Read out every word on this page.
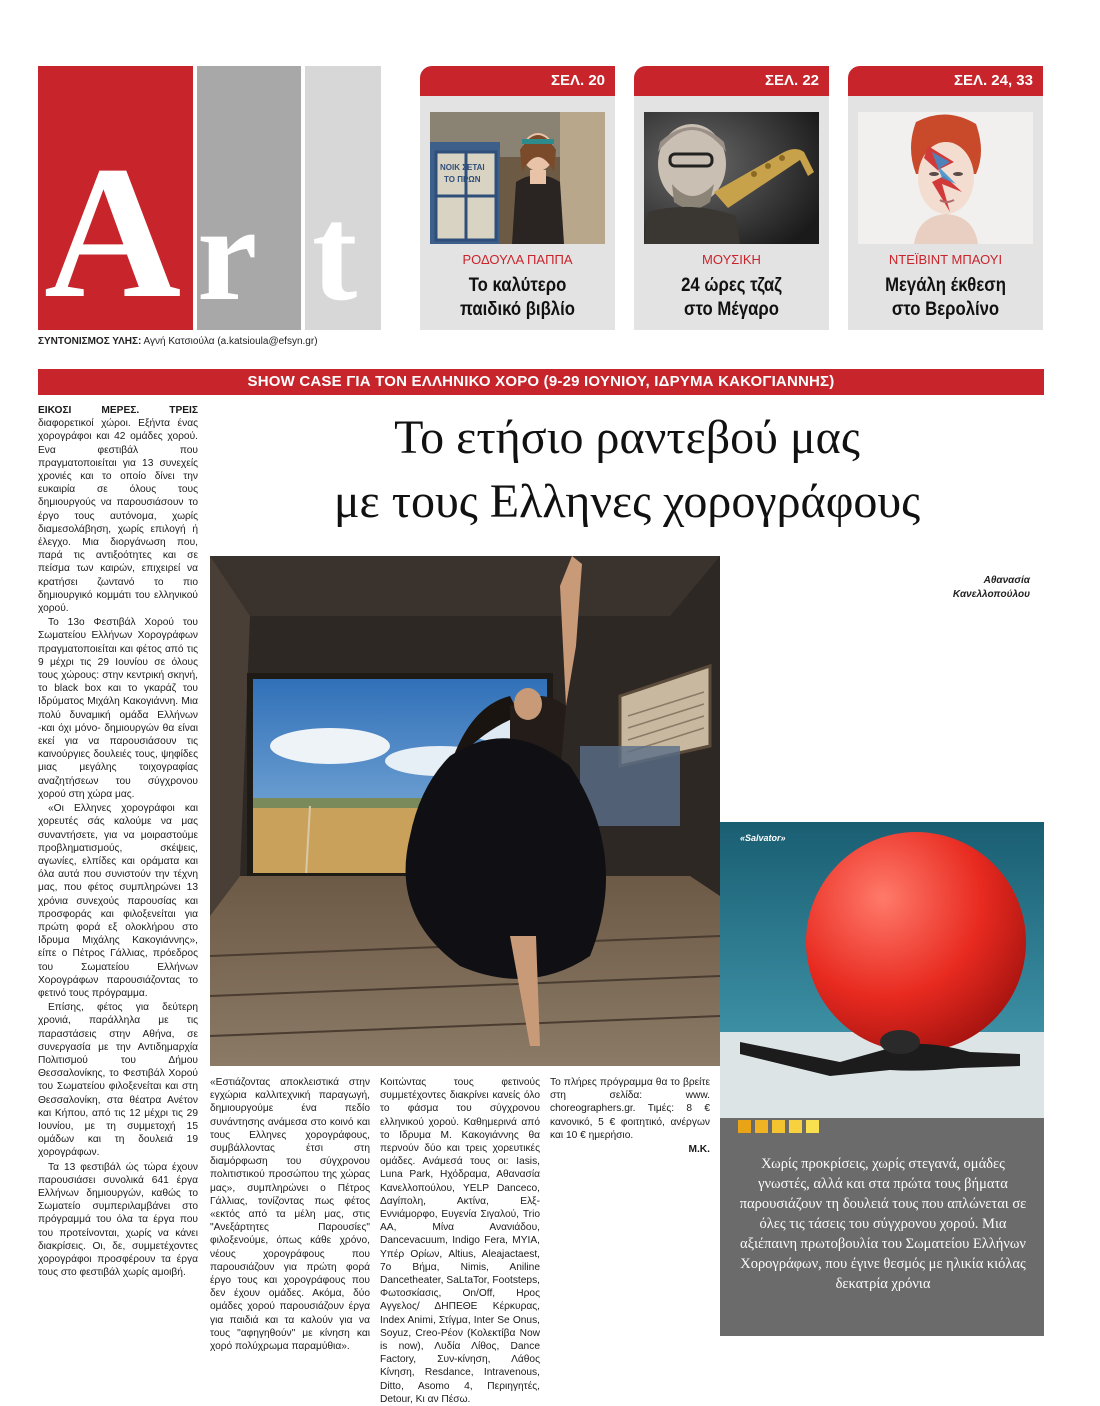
A r t
ΣΥΝΤΟΝΙΣΜΟΣ ΥΛΗΣ: Αγνή Κατσιούλα (a.katsioula@efsyn.gr)
ΣΕΛ. 20
ΝΟΙΚ ΣΕΤΑΙ
ΤΟ ΠΡΩΝ
ΡΟΔΟΥΛΑ ΠΑΠΠΑ
Το καλύτερο
παιδικό βιβλίο
ΣΕΛ. 22
ΜΟΥΣΙΚΗ
24 ώρες τζαζ
στο Μέγαρο
ΣΕΛ. 24, 33
ΝΤΕΪΒΙΝΤ ΜΠΑΟΥΙ
Μεγάλη έκθεση
στο Βερολίνο
SHOW CASE ΓΙΑ ΤΟΝ ΕΛΛΗΝΙΚΟ ΧΟΡΟ (9-29 ΙΟΥΝΙΟΥ, ΙΔΡΥΜΑ ΚΑΚΟΓΙΑΝΝΗΣ)
Το ετήσιο ραντεβού μας
με τους Ελληνες χορογράφους
Αθανασία
Κανελλοπούλου
«Salvator»
Χωρίς προκρίσεις, χωρίς στεγανά, ομάδες γνωστές, αλλά και στα πρώτα τους βήματα παρουσιάζουν τη δουλειά τους που απλώνεται σε όλες τις τάσεις του σύγχρονου χορού. Μια αξιέπαινη πρωτοβουλία του Σωματείου Ελλήνων Χορογράφων, που έγινε θεσμός με ηλικία κιόλας δεκατρία χρόνια

ΕΙΚΟΣΙ ΜΕΡΕΣ. ΤΡΕΙΣ διαφορετικοί χώροι. Εξήντα ένας χορογράφοι και 42 ομάδες χορού. Ενα φεστιβάλ που πραγματοποιείται για 13 συνεχείς χρονιές και το οποίο δίνει την ευκαιρία σε όλους τους δημιουργούς να παρουσιάσουν το έργο τους αυτόνομα, χωρίς διαμεσολάβηση, χωρίς επιλογή ή έλεγχο. Μια διοργάνωση που, παρά τις αντιξοότητες και σε πείσμα των καιρών, επιχειρεί να κρατήσει ζωντανό το πιο δημιουργικό κομμάτι του ελληνικού χορού.

Το 13ο Φεστιβάλ Χορού του Σωματείου Ελλήνων Χορογράφων πραγματοποιείται και φέτος από τις 9 μέχρι τις 29 Ιουνίου σε όλους τους χώρους: στην κεντρική σκηνή, το black box και το γκαράζ του Ιδρύματος Μιχάλη Κακογιάννη. Μια πολύ δυναμική ομάδα Ελλήνων -και όχι μόνο- δημιουργών θα είναι εκεί για να παρουσιάσουν τις καινούργιες δουλειές τους, ψηφίδες μιας μεγάλης τοιχογραφίας αναζητήσεων του σύγχρονου χορού στη χώρα μας.

«Οι Ελληνες χορογράφοι και χορευτές σάς καλούμε να μας συναντήσετε, για να μοιραστούμε προβληματισμούς, σκέψεις, αγωνίες, ελπίδες και οράματα και όλα αυτά που συνιστούν την τέχνη μας, που φέτος συμπληρώνει 13 χρόνια συνεχούς παρουσίας και προσφοράς και φιλοξενείται για πρώτη φορά εξ ολοκλήρου στο Ιδρυμα Μιχάλης Κακογιάννης», είπε ο Πέτρος Γάλλιας, πρόεδρος του Σωματείου Ελλήνων Χορογράφων παρουσιάζοντας το φετινό τους πρόγραμμα.

Επίσης, φέτος για δεύτερη χρονιά, παράλληλα με τις παραστάσεις στην Αθήνα, σε συνεργασία με την Αντιδημαρχία Πολιτισμού του Δήμου Θεσσαλονίκης, το Φεστιβάλ Χορού του Σωματείου φιλοξενείται και στη Θεσσαλονίκη, στα θέατρα Ανέτον και Κήπου, από τις 12 μέχρι τις 29 Ιουνίου, με τη συμμετοχή 15 ομάδων και τη δουλειά 19 χορογράφων.

Τα 13 φεστιβάλ ώς τώρα έχουν παρουσιάσει συνολικά 641 έργα Ελλήνων δημιουργών, καθώς το Σωματείο συμπεριλαμβάνει στο πρόγραμμά του όλα τα έργα που του προτείνονται, χωρίς να κάνει διακρίσεις. Οι, δε, συμμετέχοντες χορογράφοι προσφέρουν τα έργα τους στο φεστιβάλ χωρίς αμοιβή.

«Εστιάζοντας αποκλειστικά στην εγχώρια καλλιτεχνική παραγωγή, δημιουργούμε ένα πεδίο συνάντησης ανάμεσα στο κοινό και τους Ελληνες χορογράφους, συμβάλλοντας έτσι στη διαμόρφωση του σύγχρονου πολιτιστικού προσώπου της χώρας μας», συμπληρώνει ο Πέτρος Γάλλιας, τονίζοντας πως φέτος «εκτός από τα μέλη μας, στις "Ανεξάρτητες Παρουσίες" φιλοξενούμε, όπως κάθε χρόνο, νέους χορογράφους που παρουσιάζουν για πρώτη φορά έργο τους και χορογράφους που δεν έχουν ομάδες. Ακόμα, δύο ομάδες χορού παρουσιάζουν έργα για παιδιά και τα καλούν για να τους "αφηγηθούν" με κίνηση και χορό πολύχρωμα παραμύθια».

Κοιτώντας τους φετινούς συμμετέχοντες διακρίνει κανείς όλο το φάσμα του σύγχρονου ελληνικού χορού. Καθημερινά από το Ιδρυμα Μ. Κακογιάννης θα περνούν δύο και τρεις χορευτικές ομάδες. Ανάμεσά τους οι: Iasis, Luna Park, Ηχόδραμα, Αθανασία Κανελλοπούλου, YELP Danceco, Δαγίπολη, Ακτίνα, Ελξ- Εννιάμορφο, Ευγενία Σιγαλού, Trio AA, Μίνα Ανανιάδου, Dancevacuum, Indigo Fera, ΜΥΙΑ, Υπέρ Ορίων, Altius, Aleajactaest, 7ο Βήμα, Nimis, Aniline Dancetheater, SaLtaTor, Footsteps, Φωτοσκίασις, On/Off, Ηρος Αγγελος/ ΔΗΠΕΘΕ Κέρκυρας, Index Animi, Στίγμα, Inter Se Onus, Soyuz, Creo-Ρέον (Κολεκτίβα Now is now), Λυδία Λίθος, Dance Factory, Συν-κίνηση, Λάθος Κίνηση, Resdance, Intravenous, Ditto, Asomo 4, Περιηγητές, Detour, Κι αν Πέσω.

Το πλήρες πρόγραμμα θα το βρείτε στη σελίδα: www. choreographers.gr. Τιμές: 8 € κανονικό, 5 € φοιτητικό, ανέργων και 10 € ημερήσιο.

Μ.Κ.
